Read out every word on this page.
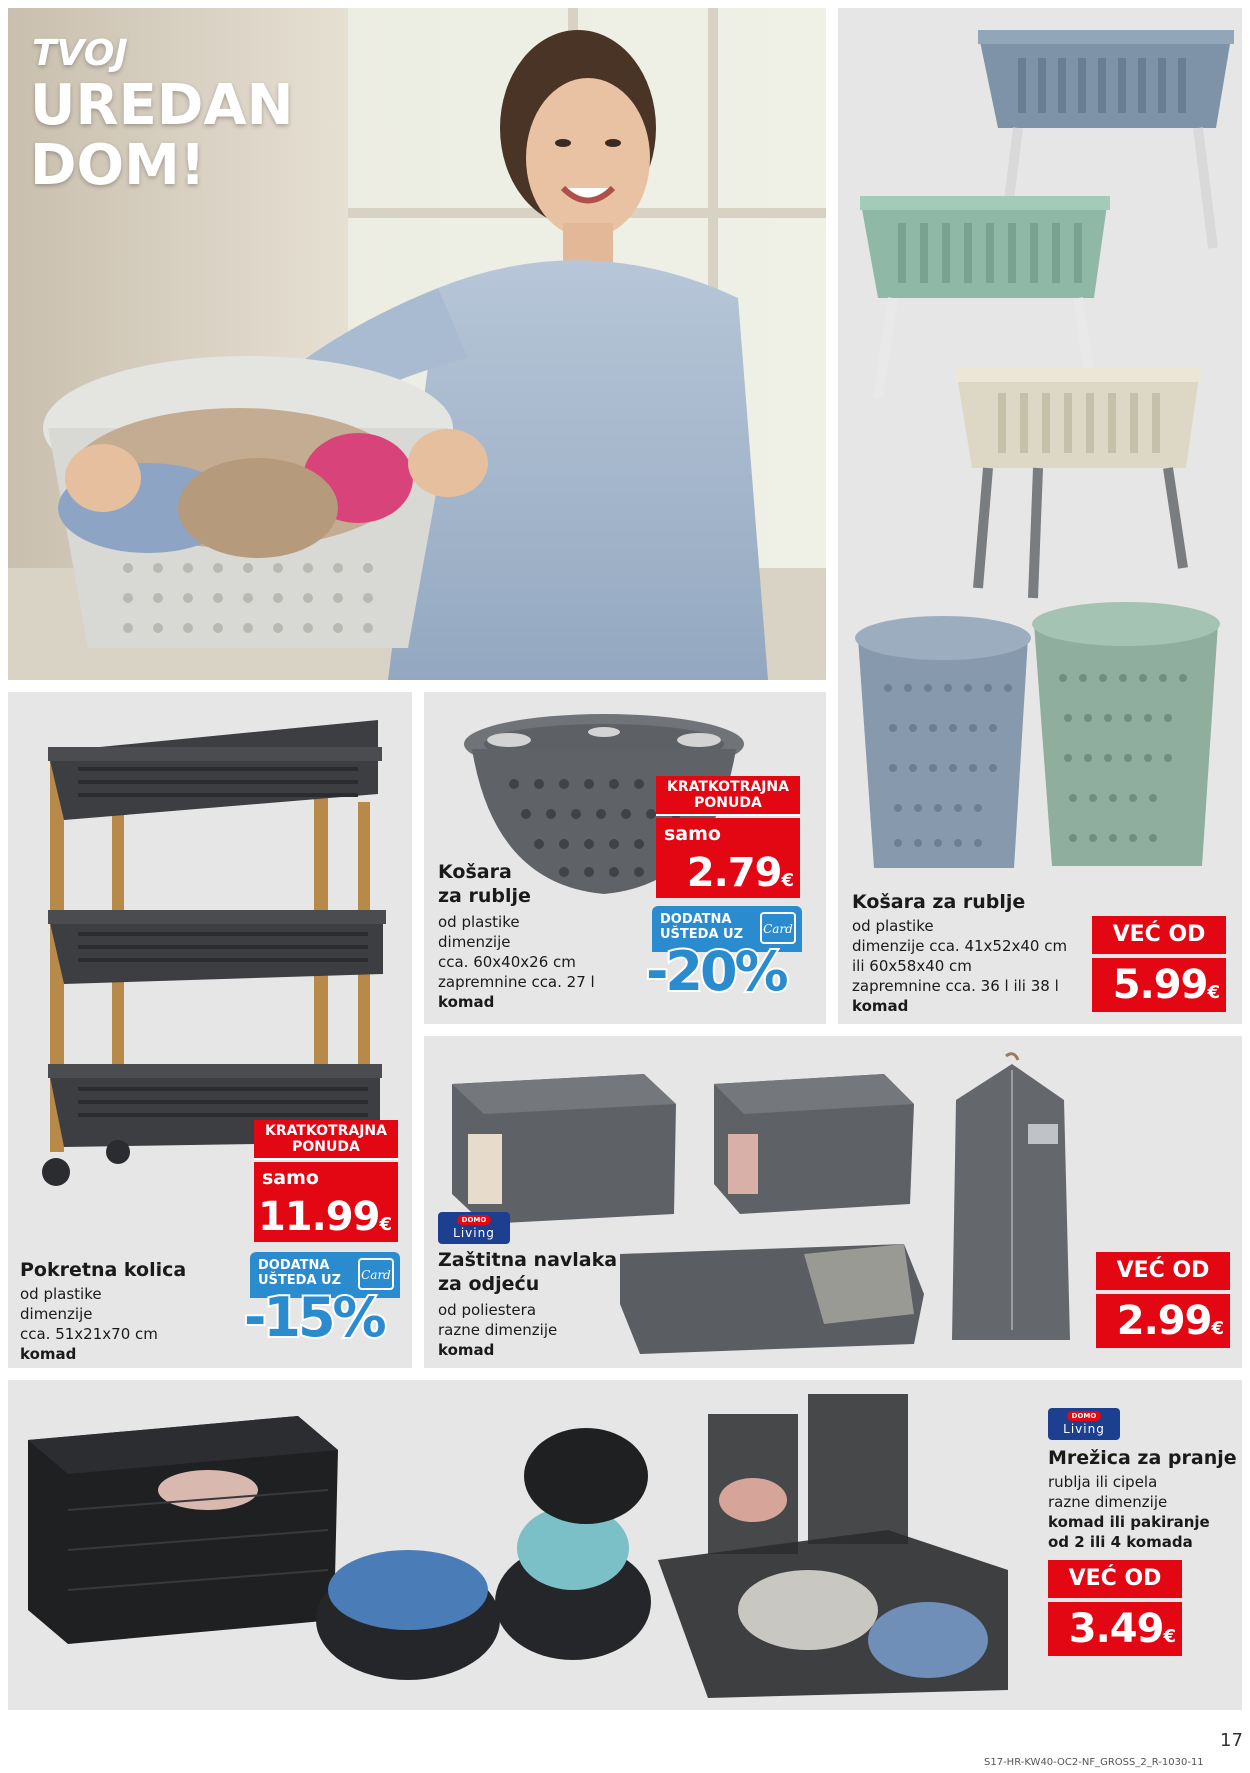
TVOJ
UREDAN
DOM!
Košara za rublje
od plastike
dimenzije cca. 41x52x40 cm
ili 60x58x40 cm
zapremnine cca. 36 l ili 38 l
komad
VEĆ OD
5.99€
KRATKOTRAJNA
PONUDA
samo
11.99€
DODATNA
UŠTEDA UZ	Card
-15%
Pokretna kolica
od plastike
dimenzije
cca. 51x21x70 cm
komad
KRATKOTRAJNA
PONUDA
samo
2.79€
DODATNA
UŠTEDA UZ	Card
-20%
Košara
za rublje
od plastike
dimenzije
cca. 60x40x26 cm
zapremnine cca. 27 l
komad
DOMO
Living
Zaštitna navlaka
za odjeću
od poliestera
razne dimenzije
komad
VEĆ OD
2.99€
DOMO
Living
Mrežica za pranje
rublja ili cipela
razne dimenzije
komad ili pakiranje
od 2 ili 4 komada
VEĆ OD
3.49€
17
S17-HR-KW40-OC2-NF_GROSS_2_R-1030-11
